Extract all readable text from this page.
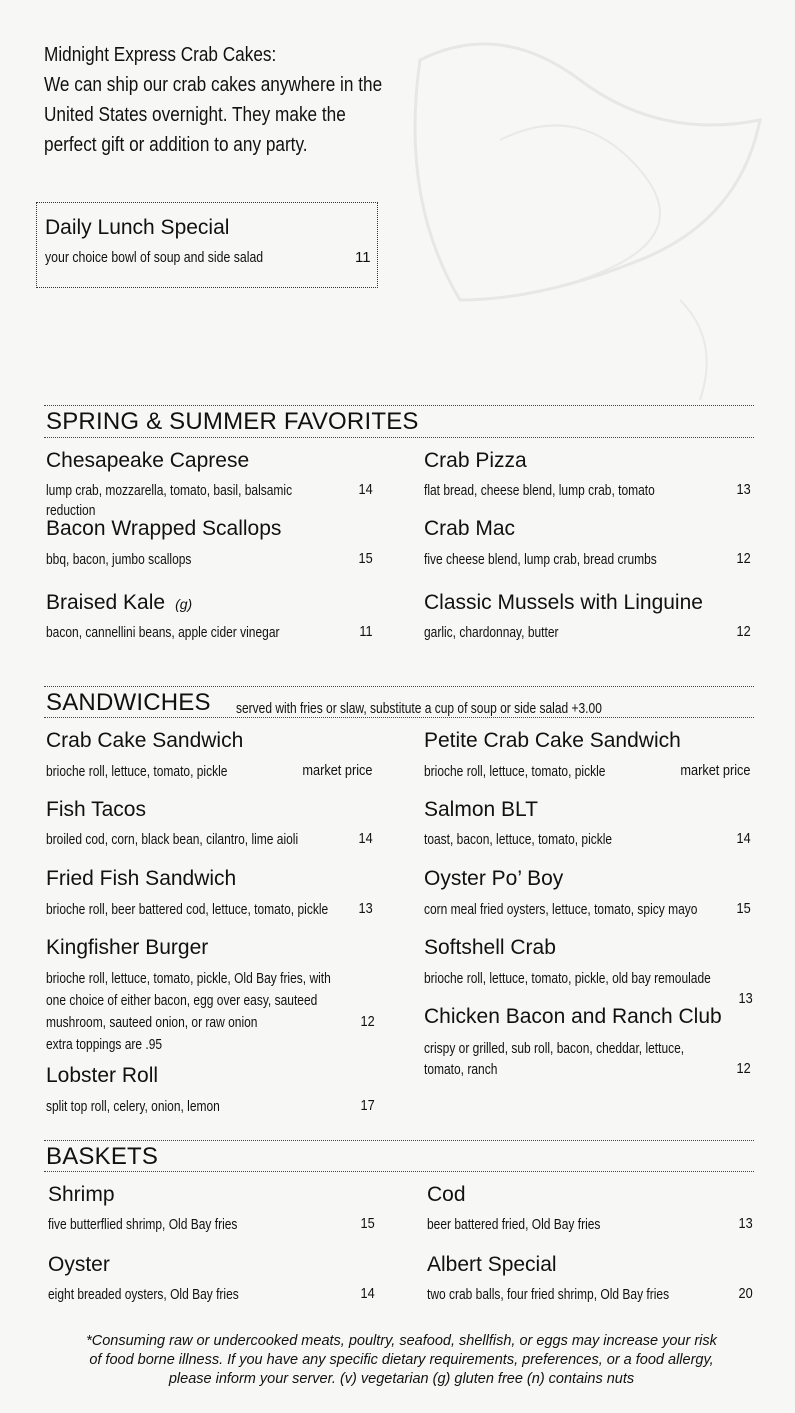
Midnight Express Crab Cakes:
We can ship our crab cakes anywhere in the
United States overnight. They make the
perfect gift or addition to any party.
Daily Lunch Special
your choice bowl of soup and side salad	11
SPRING & SUMMER FAVORITES
Chesapeake Caprese
lump crab, mozzarella, tomato, basil, balsamic
reduction
14
Bacon Wrapped Scallops
bbq, bacon, jumbo scallops	15
Braised Kale (g)
bacon, cannellini beans, apple cider vinegar	11
Crab Pizza
flat bread, cheese blend, lump crab, tomato	13
Crab Mac
five cheese blend, lump crab, bread crumbs	12
Classic Mussels with Linguine
garlic, chardonnay, butter	12
SANDWICHES served with fries or slaw, substitute a cup of soup or side salad +3.00
Crab Cake Sandwich
brioche roll, lettuce, tomato, pickle	market price
Fish Tacos
broiled cod, corn, black bean, cilantro, lime aioli	14
Fried Fish Sandwich
brioche roll, beer battered cod, lettuce, tomato, pickle 13
Kingfisher Burger
brioche roll, lettuce, tomato, pickle, Old Bay fries, with
one choice of either bacon, egg over easy, sauteed
mushroom, sauteed onion, or raw onion
extra toppings are .95
12
Lobster Roll
split top roll, celery, onion, lemon	17
Petite Crab Cake Sandwich
brioche roll, lettuce, tomato, pickle	market price
Salmon BLT
toast, bacon, lettuce, tomato, pickle	14
Oyster Po’ Boy
corn meal fried oysters, lettuce, tomato, spicy mayo	15
Softshell Crab
brioche roll, lettuce, tomato, pickle, old bay remoulade
13
Chicken Bacon and Ranch Club
crispy or grilled, sub roll, bacon, cheddar, lettuce,
tomato, ranch	12
BASKETS
Shrimp
five butterflied shrimp, Old Bay fries	15
Oyster
eight breaded oysters, Old Bay fries	14
Cod
beer battered fried, Old Bay fries	13
Albert Special
two crab balls, four fried shrimp, Old Bay fries	20
*Consuming raw or undercooked meats, poultry, seafood, shellfish, or eggs may increase your risk
of food borne illness. If you have any specific dietary requirements, preferences, or a food allergy,
please inform your server. (v) vegetarian (g) gluten free (n) contains nuts
